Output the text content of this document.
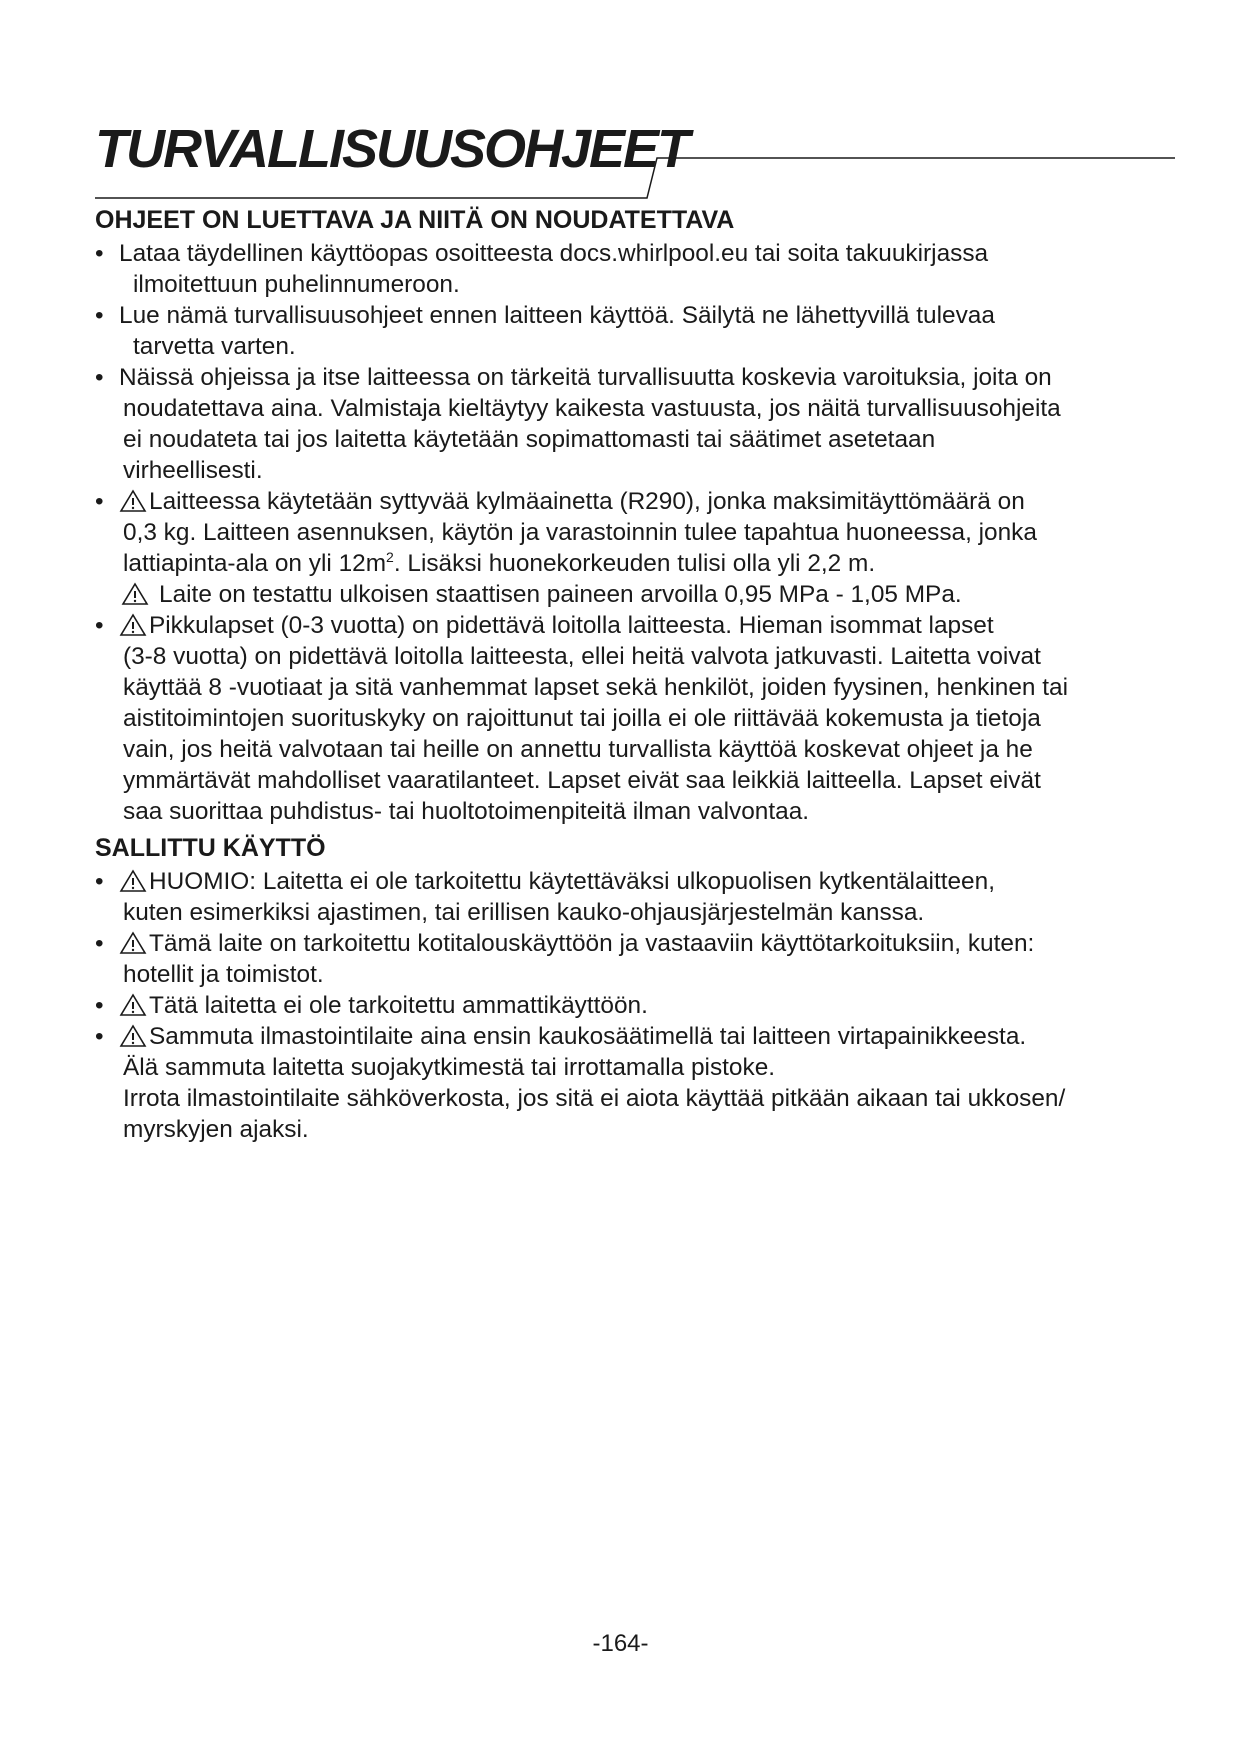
TURVALLISUUSOHJEET
OHJEET ON LUETTAVA JA NIITÄ ON NOUDATETTAVA
• Lataa täydellinen käyttöopas osoitteesta docs.whirlpool.eu tai soita takuukirjassa
ilmoitettuun puhelinnumeroon.
• Lue nämä turvallisuusohjeet ennen laitteen käyttöä. Säilytä ne lähettyvillä tulevaa
tarvetta varten.
• Näissä ohjeissa ja itse laitteessa on tärkeitä turvallisuutta koskevia varoituksia, joita on
noudatettava aina. Valmistaja kieltäytyy kaikesta vastuusta, jos näitä turvallisuusohjeita
ei noudateta tai jos laitetta käytetään sopimattomasti tai säätimet asetetaan
virheellisesti.
•	Laitteessa käytetään syttyvää kylmäainetta (R290), jonka maksimitäyttömäärä on
0,3 kg. Laitteen asennuksen, käytön ja varastoinnin tulee tapahtua huoneessa, jonka
lattiapinta-ala on yli $12m^2$. Lisäksi huonekorkeuden tulisi olla yli 2,2 m.
Laite on testattu ulkoisen staattisen paineen arvoilla 0,95 MPa - 1,05 MPa.
•	Pikkulapset (0-3 vuotta) on pidettävä loitolla laitteesta. Hieman isommat lapset
(3-8 vuotta) on pidettävä loitolla laitteesta, ellei heitä valvota jatkuvasti. Laitetta voivat
käyttää 8 -vuotiaat ja sitä vanhemmat lapset sekä henkilöt, joiden fyysinen, henkinen tai
aistitoimintojen suorituskyky on rajoittunut tai joilla ei ole riittävää kokemusta ja tietoja
vain, jos heitä valvotaan tai heille on annettu turvallista käyttöä koskevat ohjeet ja he
ymmärtävät mahdolliset vaaratilanteet. Lapset eivät saa leikkiä laitteella. Lapset eivät
saa suorittaa puhdistus- tai huoltotoimenpiteitä ilman valvontaa.
SALLITTU KÄYTTÖ
•	HUOMIO: Laitetta ei ole tarkoitettu käytettäväksi ulkopuolisen kytkentälaitteen,
kuten esimerkiksi ajastimen, tai erillisen kauko-ohjausjärjestelmän kanssa.
•	Tämä laite on tarkoitettu kotitalouskäyttöön ja vastaaviin käyttötarkoituksiin, kuten:
hotellit ja toimistot.
•	Tätä laitetta ei ole tarkoitettu ammattikäyttöön.
•	Sammuta ilmastointilaite aina ensin kaukosäätimellä tai laitteen virtapainikkeesta.
Älä sammuta laitetta suojakytkimestä tai irrottamalla pistoke.
Irrota ilmastointilaite sähköverkosta, jos sitä ei aiota käyttää pitkään aikaan tai ukkosen/
myrskyjen ajaksi.
-164-
